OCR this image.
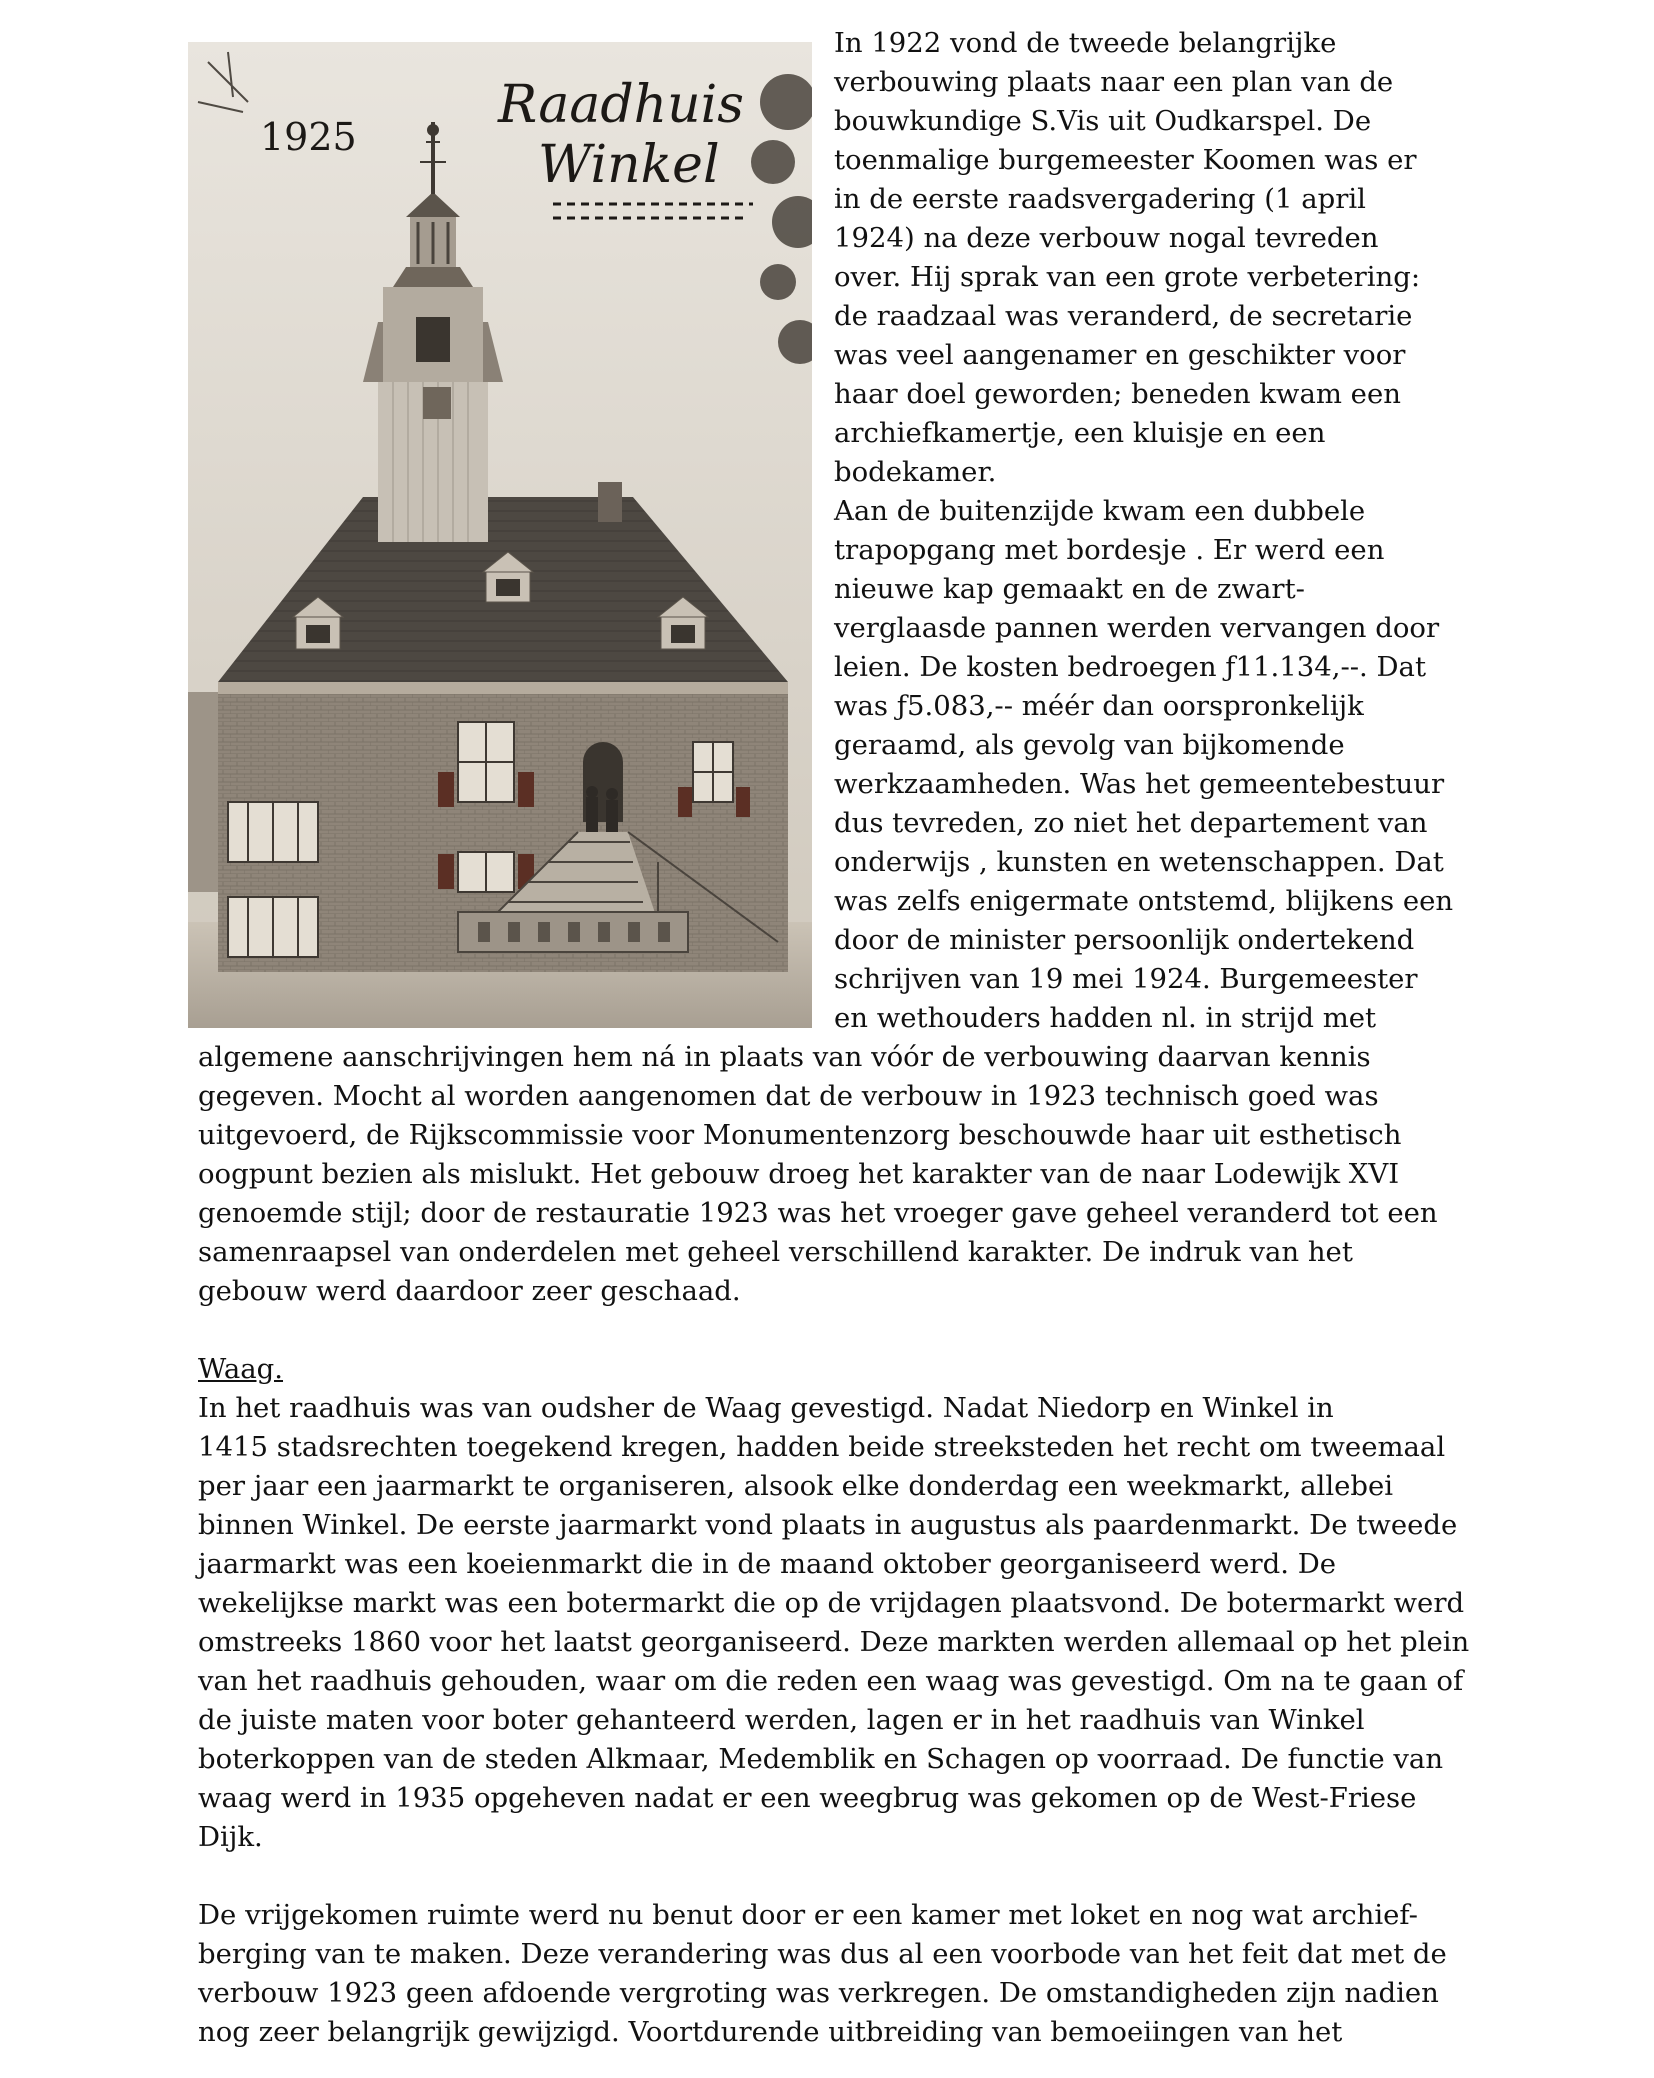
1925
Raadhuis
Winkel
In 1922 vond de tweede belangrijke
verbouwing plaats naar een plan van de
bouwkundige S.Vis uit Oudkarspel. De
toenmalige burgemeester Koomen was er
in de eerste raadsvergadering (1 april
1924) na deze verbouw nogal tevreden
over. Hij sprak van een grote verbetering:
de raadzaal was veranderd, de secretarie
was veel aangenamer en geschikter voor
haar doel geworden; beneden kwam een
archiefkamertje, een kluisje en een
bodekamer.
Aan de buitenzijde kwam een dubbele
trapopgang met bordesje . Er werd een
nieuwe kap gemaakt en de zwart-
verglaasde pannen werden vervangen door
leien. De kosten bedroegen ƒ11.134,--. Dat
was ƒ5.083,-- méér dan oorspronkelijk
geraamd, als gevolg van bijkomende
werkzaamheden. Was het gemeentebestuur
dus tevreden, zo niet het departement van
onderwijs , kunsten en wetenschappen. Dat
was zelfs enigermate ontstemd, blijkens een
door de minister persoonlijk ondertekend
schrijven van 19 mei 1924. Burgemeester
en wethouders hadden nl. in strijd met
algemene aanschrijvingen hem ná in plaats van vóór de verbouwing daarvan kennis
gegeven. Mocht al worden aangenomen dat de verbouw in 1923 technisch goed was
uitgevoerd, de Rijkscommissie voor Monumentenzorg beschouwde haar uit esthetisch
oogpunt bezien als mislukt. Het gebouw droeg het karakter van de naar Lodewijk XVI
genoemde stijl; door de restauratie 1923 was het vroeger gave geheel veranderd tot een
samenraapsel van onderdelen met geheel verschillend karakter. De indruk van het
gebouw werd daardoor zeer geschaad.
Waag.
In het raadhuis was van oudsher de Waag gevestigd. Nadat Niedorp en Winkel in
1415 stadsrechten toegekend kregen, hadden beide streeksteden het recht om tweemaal
per jaar een jaarmarkt te organiseren, alsook elke donderdag een weekmarkt, allebei
binnen Winkel. De eerste jaarmarkt vond plaats in augustus als paardenmarkt. De tweede
jaarmarkt was een koeienmarkt die in de maand oktober georganiseerd werd. De
wekelijkse markt was een botermarkt die op de vrijdagen plaatsvond. De botermarkt werd
omstreeks 1860 voor het laatst georganiseerd. Deze markten werden allemaal op het plein
van het raadhuis gehouden, waar om die reden een waag was gevestigd. Om na te gaan of
de juiste maten voor boter gehanteerd werden, lagen er in het raadhuis van Winkel
boterkoppen van de steden Alkmaar, Medemblik en Schagen op voorraad. De functie van
waag werd in 1935 opgeheven nadat er een weegbrug was gekomen op de West-Friese
Dijk.
De vrijgekomen ruimte werd nu benut door er een kamer met loket en nog wat archief-
berging van te maken. Deze verandering was dus al een voorbode van het feit dat met de
verbouw 1923 geen afdoende vergroting was verkregen. De omstandigheden zijn nadien
nog zeer belangrijk gewijzigd. Voortdurende uitbreiding van bemoeiingen van het
